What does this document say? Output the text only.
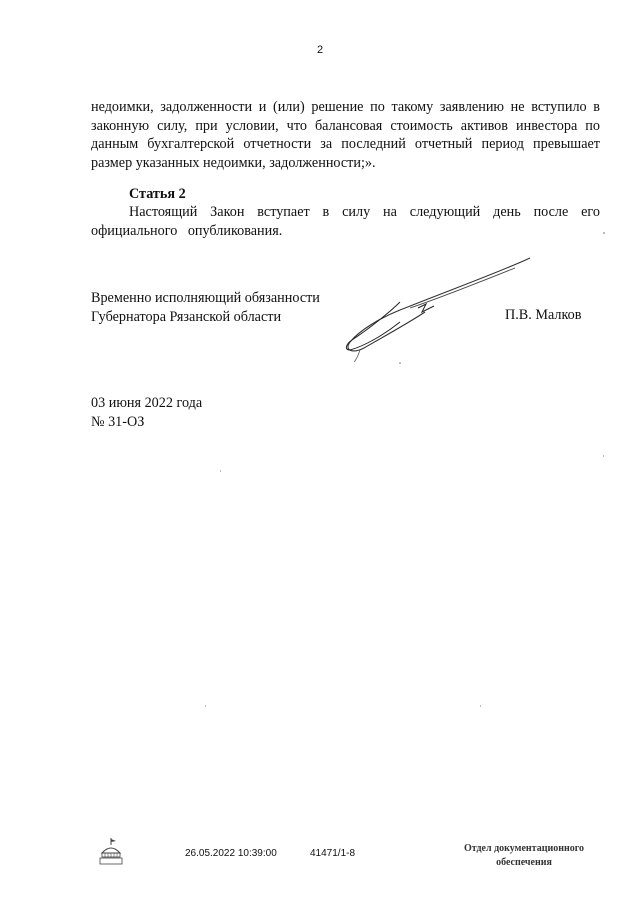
2
недоимки, задолженности и (или) решение по такому заявлению не вступило в законную силу, при условии, что балансовая стоимость активов инвестора по данным бухгалтерской отчетности за последний отчетный период превышает размер указанных недоимки, задолженности;».
Статья 2
Настоящий Закон вступает в силу на следующий день после его официального опубликования.
Временно исполняющий обязанности
Губернатора Рязанской области	П.В. Малков
03 июня 2022 года
№ 31-ОЗ
26.05.2022 10:39:00	41471/1-8	Отдел документационного
обеспечения
